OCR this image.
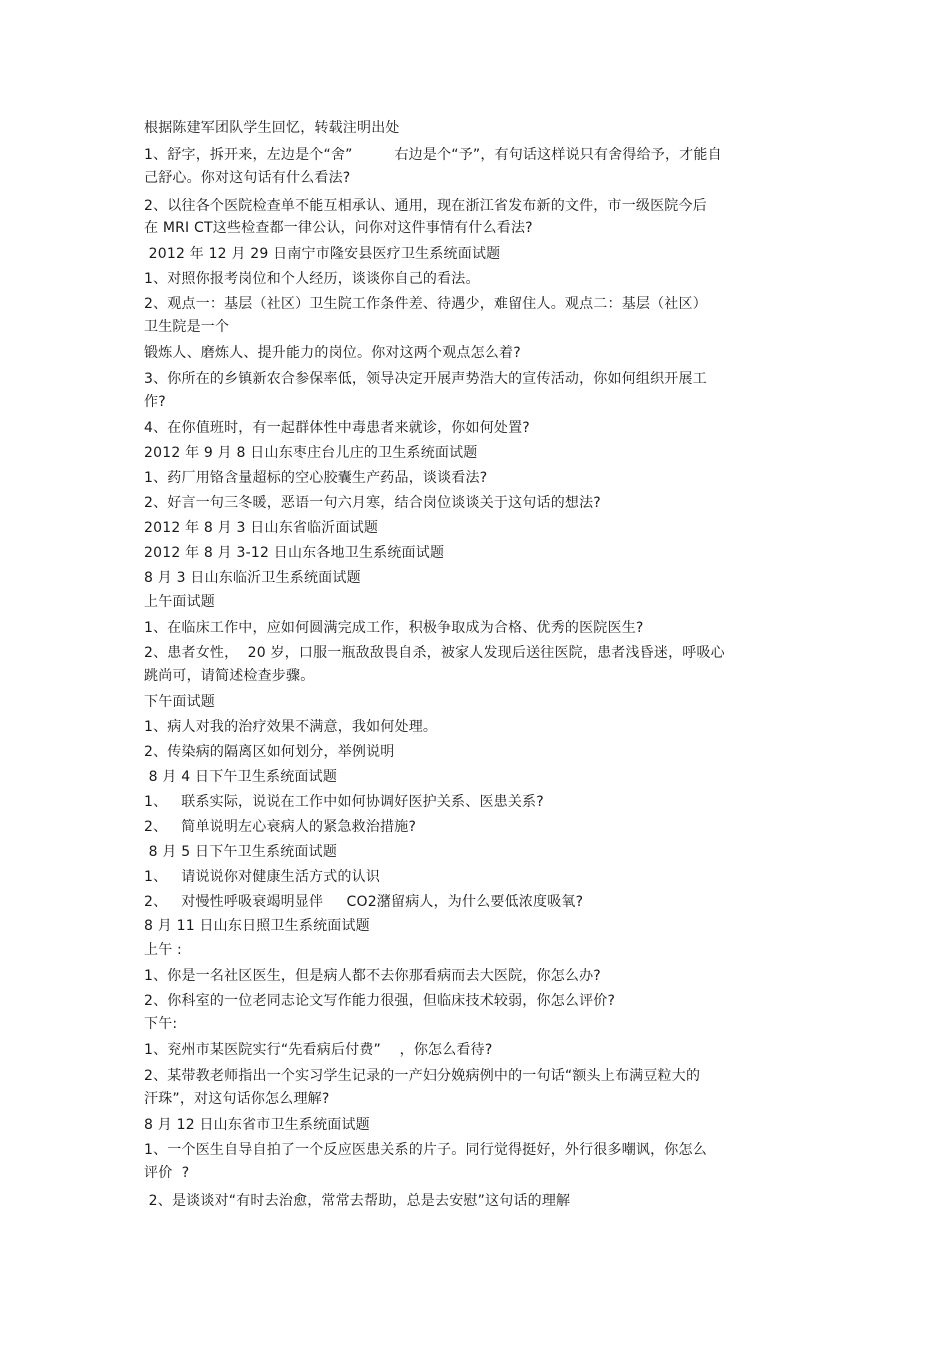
根据陈建军团队学生回忆，转载注明出处
1、舒字，拆开来，左边是个“舍”         右边是个“予”，有句话这样说只有舍得给予，才能自
己舒心。你对这句话有什么看法?
2、以往各个医院检查单不能互相承认、通用，现在浙江省发布新的文件，市一级医院今后
在 MRI CT这些检查都一律公认，问你对这件事情有什么看法?
2012 年 12 月 29 日南宁市隆安县医疗卫生系统面试题
1、对照你报考岗位和个人经历，谈谈你自己的看法。
2、观点一：基层（社区）卫生院工作条件差、待遇少，难留住人。观点二：基层（社区）
卫生院是一个
锻炼人、磨炼人、提升能力的岗位。你对这两个观点怎么着?
3、你所在的乡镇新农合参保率低，领导决定开展声势浩大的宣传活动，你如何组织开展工
作?
4、在你值班时，有一起群体性中毒患者来就诊，你如何处置?
2012 年 9 月 8 日山东枣庄台儿庄的卫生系统面试题
1、药厂用铬含量超标的空心胶囊生产药品，谈谈看法?
2、好言一句三冬暖，恶语一句六月寒，结合岗位谈谈关于这句话的想法?
2012 年 8 月 3 日山东省临沂面试题
2012 年 8 月 3-12 日山东各地卫生系统面试题
8 月 3 日山东临沂卫生系统面试题
上午面试题
1、在临床工作中，应如何圆满完成工作，积极争取成为合格、优秀的医院医生?
2、患者女性，  20 岁，口服一瓶敌敌畏自杀，被家人发现后送往医院，患者浅昏迷，呼吸心
跳尚可，请简述检查步骤。
下午面试题
1、病人对我的治疗效果不满意，我如何处理。
2、传染病的隔离区如何划分，举例说明
8 月 4 日下午卫生系统面试题
1、   联系实际，说说在工作中如何协调好医护关系、医患关系?
2、   简单说明左心衰病人的紧急救治措施?
8 月 5 日下午卫生系统面试题
1、   请说说你对健康生活方式的认识
2、   对慢性呼吸衰竭明显伴     CO2潴留病人，为什么要低浓度吸氧?
8 月 11 日山东日照卫生系统面试题
上午 :
1、你是一名社区医生，但是病人都不去你那看病而去大医院，你怎么办?
2、你科室的一位老同志论文写作能力很强，但临床技术较弱，你怎么评价?
下午:
1、兖州市某医院实行“先看病后付费”    ，你怎么看待?
2、某带教老师指出一个实习学生记录的一产妇分娩病例中的一句话“额头上布满豆粒大的
汗珠”，对这句话你怎么理解?
8 月 12 日山东省市卫生系统面试题
1、一个医生自导自拍了一个反应医患关系的片子。同行觉得挺好，外行很多嘲讽，你怎么
评价  ?
2、是谈谈对“有时去治愈，常常去帮助，总是去安慰”这句话的理解
